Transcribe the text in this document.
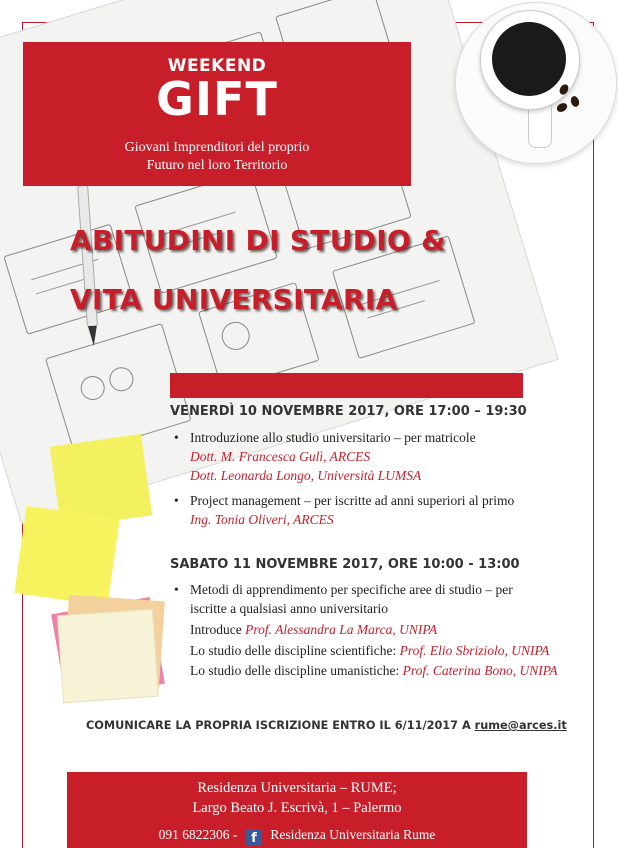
WEEKEND
GIFT
Giovani Imprenditori del proprio
Futuro nel loro Territorio
ABITUDINI DI STUDIO &
VITA UNIVERSITARIA
VENERDÌ 10 NOVEMBRE 2017, ORE 17:00 – 19:30
• Introduzione allo studio universitario – per matricole
Dott. M. Francesca Gulì, ARCES
Dott. Leonarda Longo, Università LUMSA
• Project management – per iscritte ad anni superiori al primo
Ing. Tonia Oliveri, ARCES
SABATO 11 NOVEMBRE 2017, ORE 10:00 - 13:00
• Metodi di apprendimento per specifiche aree di studio – per
iscritte a qualsiasi anno universitario
Introduce Prof. Alessandra La Marca, UNIPA
Lo studio delle discipline scientifiche: Prof. Elio Sbriziolo, UNIPA
Lo studio delle discipline umanistiche: Prof. Caterina Bono, UNIPA
COMUNICARE LA PROPRIA ISCRIZIONE ENTRO IL 6/11/2017 A rume@arces.it
Residenza Universitaria – RUME;
Largo Beato J. Escrivà, 1 – Palermo
091 6822306 - f Residenza Universitaria Rume
